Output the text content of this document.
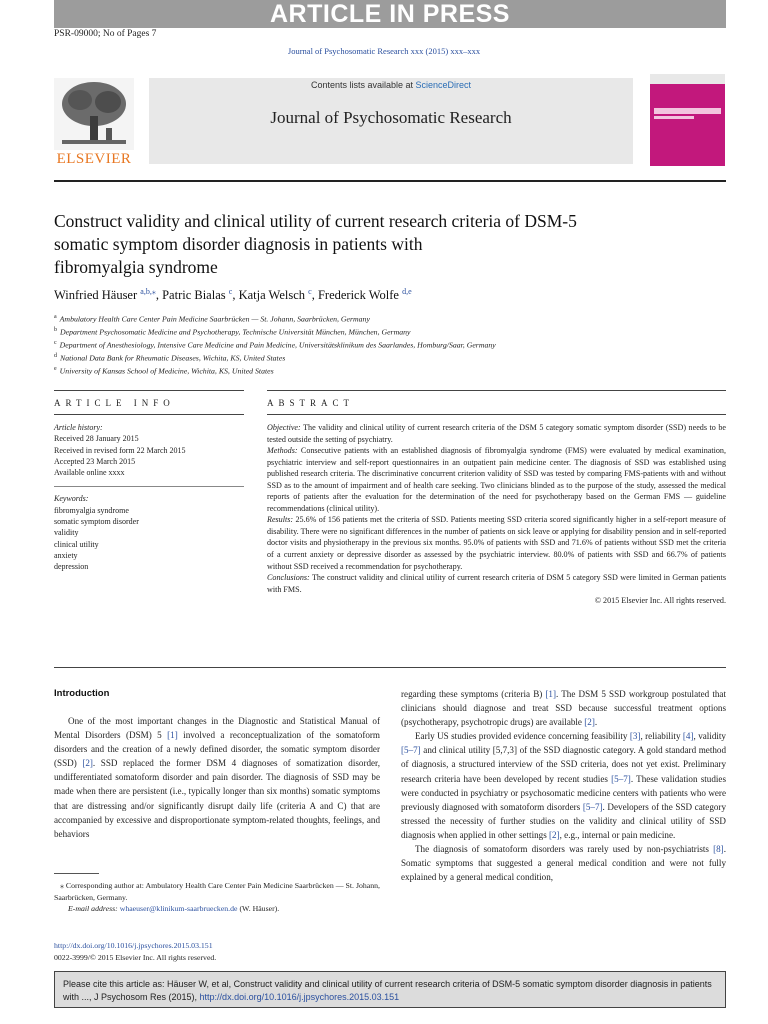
ARTICLE IN PRESS
PSR-09000; No of Pages 7
Journal of Psychosomatic Research xxx (2015) xxx–xxx
ELSEVIER
Contents lists available at ScienceDirect
Journal of Psychosomatic Research
Construct validity and clinical utility of current research criteria of DSM-5
somatic symptom disorder diagnosis in patients with
fibromyalgia syndrome
Winfried Häuser $^{a,b,⁎}$, Patric Bialas $^c$, Katja Welsch $^c$, Frederick Wolfe $^{d,e}$
$^a$ Ambulatory Health Care Center Pain Medicine Saarbrücken — St. Johann, Saarbrücken, Germany
$^b$ Department Psychosomatic Medicine and Psychotherapy, Technische Universität München, München, Germany
$^c$ Department of Anesthesiology, Intensive Care Medicine and Pain Medicine, Universitätsklinikum des Saarlandes, Homburg/Saar, Germany
$^d$ National Data Bank for Rheumatic Diseases, Wichita, KS, United States
$^e$ University of Kansas School of Medicine, Wichita, KS, United States
ARTICLE INFO	ABSTRACT
Article history:
Received 28 January 2015
Received in revised form 22 March 2015
Accepted 23 March 2015
Available online xxxx
Keywords:
fibromyalgia syndrome
somatic symptom disorder
validity
clinical utility
anxiety
depression
Objective: The validity and clinical utility of current research criteria of the DSM 5 category somatic symptom disorder (SSD) needs to be tested outside the setting of psychiatry.
Methods: Consecutive patients with an established diagnosis of fibromyalgia syndrome (FMS) were evaluated by medical examination, psychiatric interview and self-report questionnaires in an outpatient pain medicine center. The diagnosis of SSD was established using published research criteria. The discriminative concurrent criterion validity of SSD was tested by comparing FMS-patients with and without SSD as to the amount of impairment and of health care seeking. Two clinicians blinded as to the purpose of the study, assessed the medical reports of patients after the evaluation for the determination of the need for psychotherapy based on the German FMS — guideline recommendations (clinical utility).
Results: 25.6% of 156 patients met the criteria of SSD. Patients meeting SSD criteria scored significantly higher in a self-report measure of disability. There were no significant differences in the number of patients on sick leave or applying for disability pension and in self-reported doctor visits and physiotherapy in the previous six months. 95.0% of patients with SSD and 71.6% of patients without SSD met the criteria of a current anxiety or depressive disorder as assessed by the psychiatric interview. 80.0% of patients with SSD and 66.7% of patients without SSD received a recommendation for psychotherapy.
Conclusions: The construct validity and clinical utility of current research criteria of DSM 5 category SSD were limited in German patients with FMS.
© 2015 Elsevier Inc. All rights reserved.
Introduction

One of the most important changes in the Diagnostic and Statistical Manual of Mental Disorders (DSM) 5 [1] involved a reconceptualization of the somatoform disorders and the creation of a newly defined disorder, the somatic symptom disorder (SSD) [2]. SSD replaced the former DSM 4 diagnoses of somatization disorder, undifferentiated somatoform disorder and pain disorder. The diagnosis of SSD may be made when there are persistent (i.e., typically longer than six months) somatic symptoms that are distressing and/or significantly disrupt daily life (criteria A and C) that are accompanied by excessive and disproportionate symptom-related thoughts, feelings, and behaviors

regarding these symptoms (criteria B) [1]. The DSM 5 SSD workgroup postulated that clinicians should diagnose and treat SSD because successful treatment options (psychotherapy, psychotropic drugs) are available [2].

Early US studies provided evidence concerning feasibility [3], reliability [4], validity [5–7] and clinical utility [5,7,3] of the SSD diagnostic category. A gold standard method of diagnosis, a structured interview of the SSD criteria, does not yet exist. Preliminary research criteria have been developed by recent studies [5–7]. These validation studies were conducted in psychiatry or psychosomatic medicine centers with patients who were previously diagnosed with somatoform disorders [5–7]. Developers of the SSD category stressed the necessity of further studies on the validity and clinical utility of SSD diagnosis when applied in other settings [2], e.g., internal or pain medicine.

The diagnosis of somatoform disorders was rarely used by non-psychiatrists [8]. Somatic symptoms that suggested a general medical condition and were not fully explained by a general medical condition,

⁎ Corresponding author at: Ambulatory Health Care Center Pain Medicine Saarbrücken — St. Johann, Saarbrücken, Germany.
E-mail address: whaeuser@klinikum-saarbruecken.de (W. Häuser).
http://dx.doi.org/10.1016/j.jpsychores.2015.03.151
0022-3999/© 2015 Elsevier Inc. All rights reserved.
Please cite this article as: Häuser W, et al, Construct validity and clinical utility of current research criteria of DSM-5 somatic symptom disorder diagnosis in patients with ..., J Psychosom Res (2015), http://dx.doi.org/10.1016/j.jpsychores.2015.03.151
